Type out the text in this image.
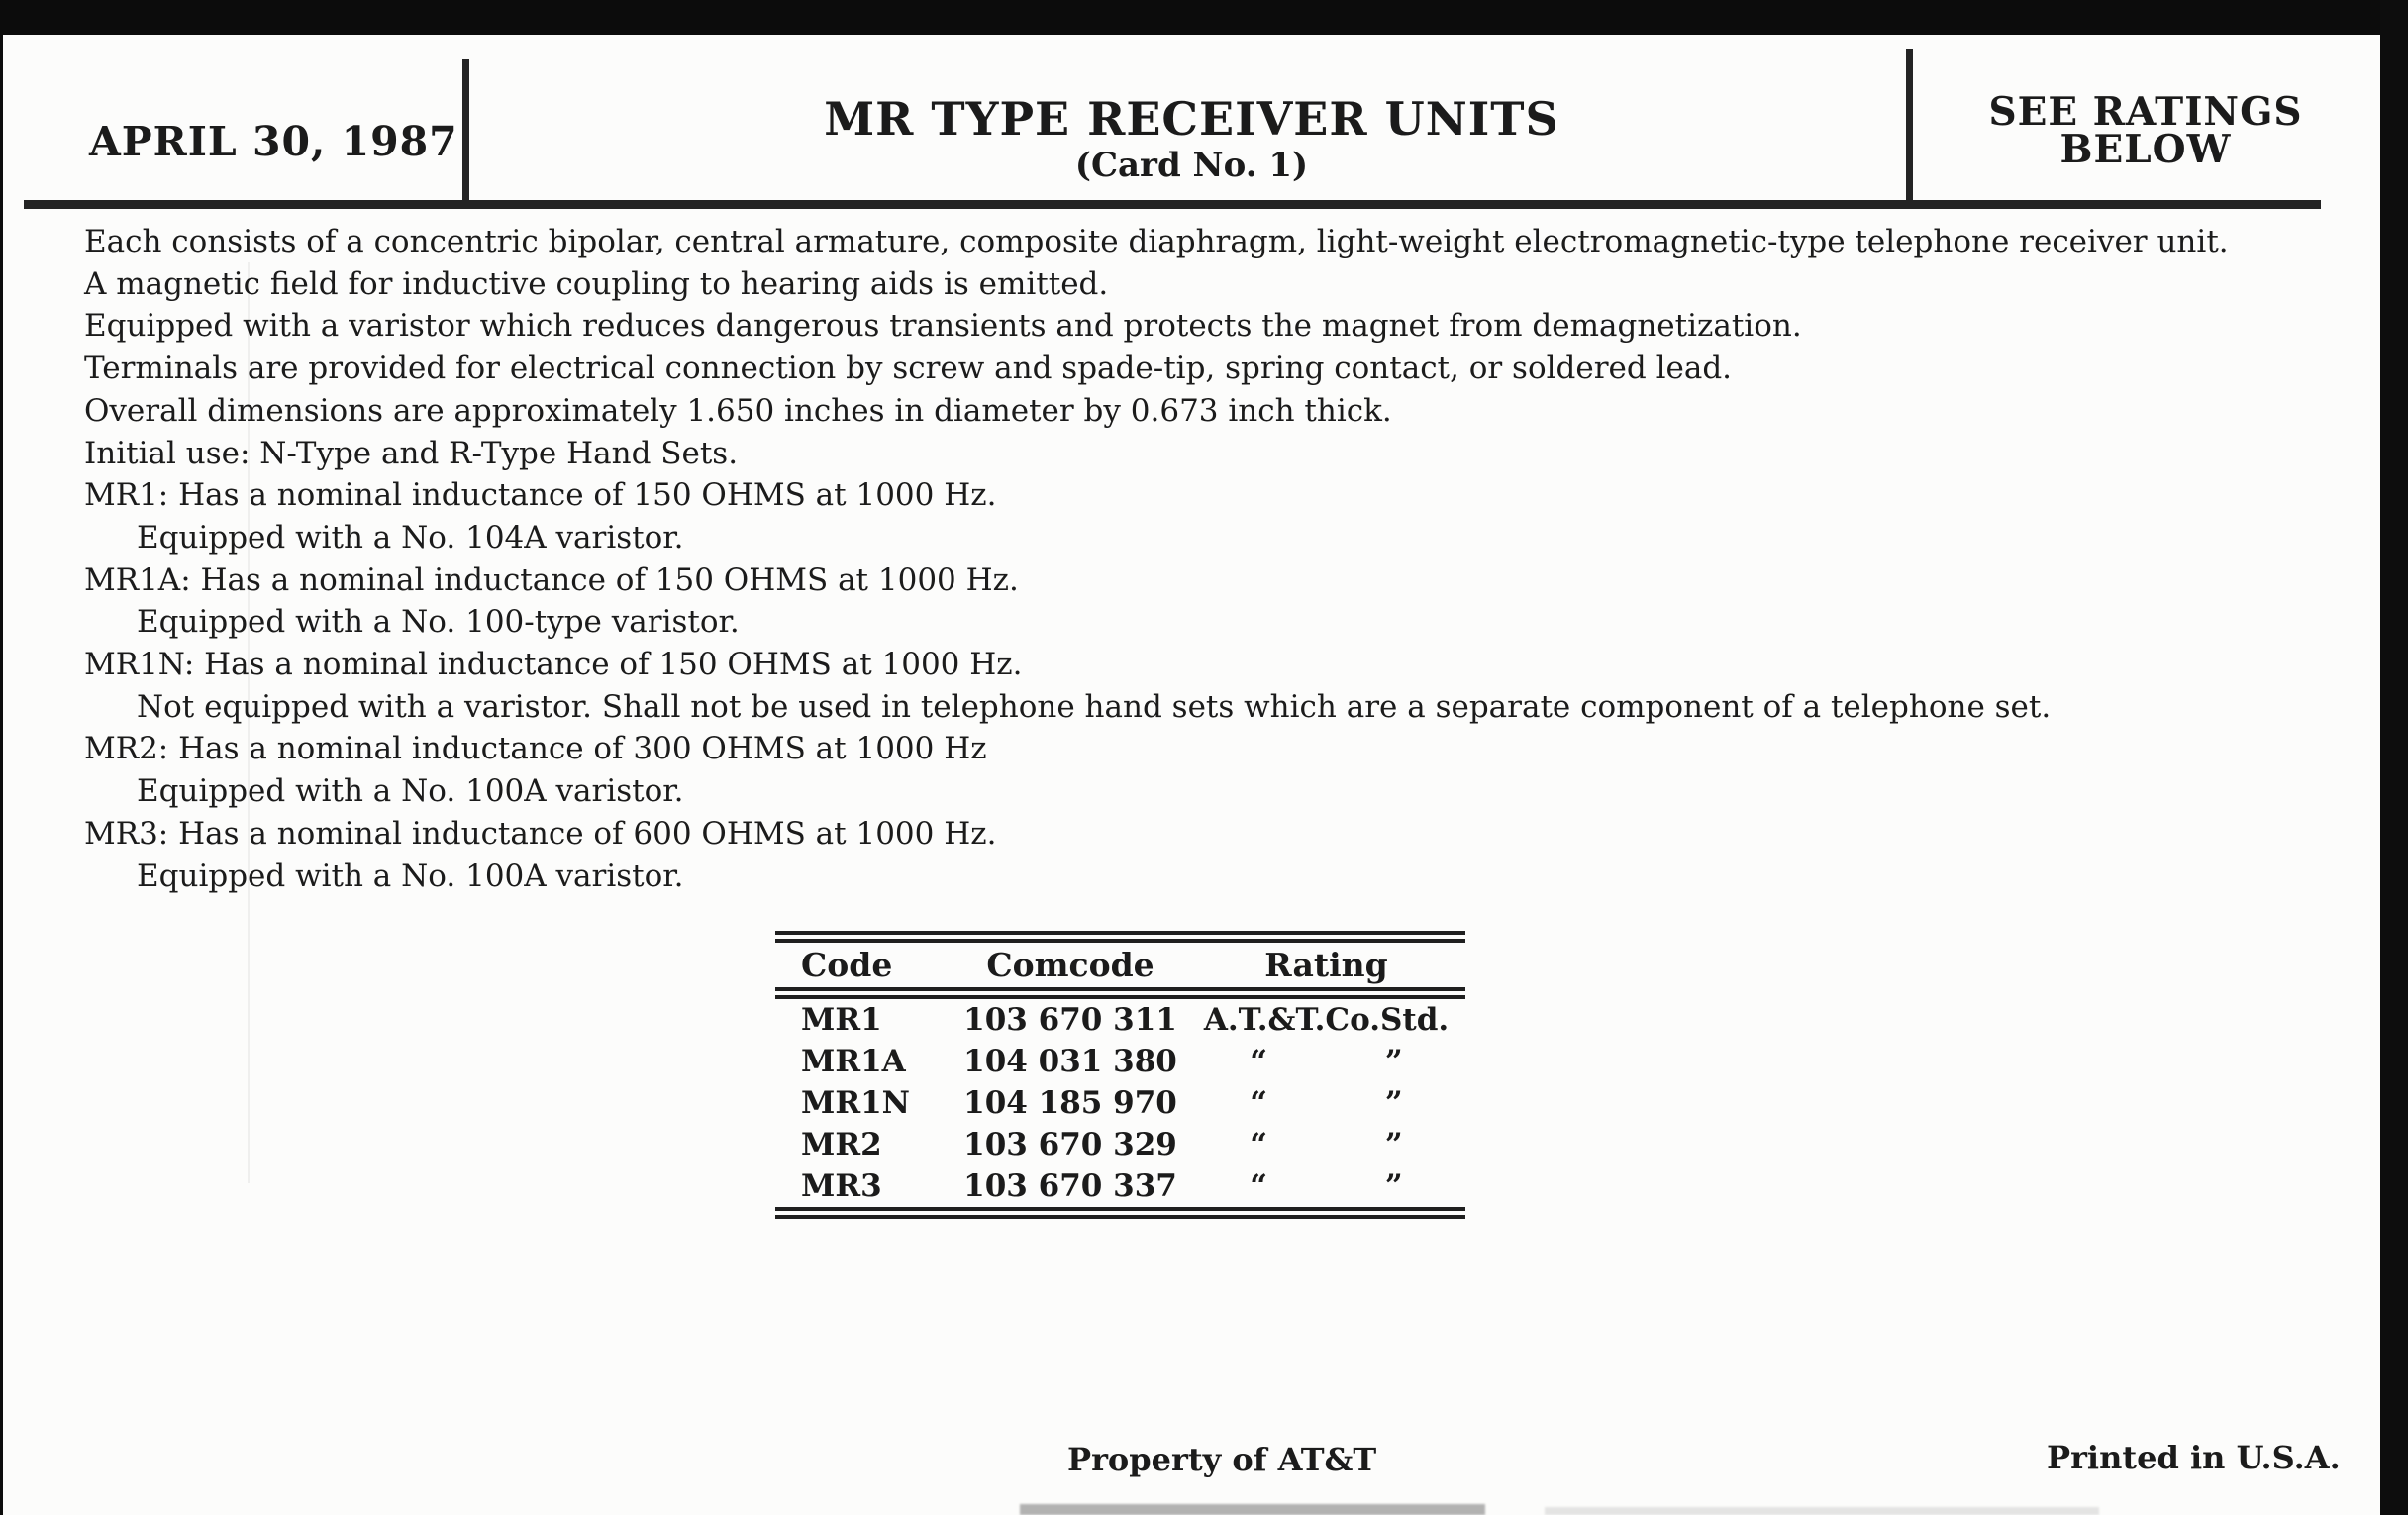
APRIL 30, 1987	MR TYPE RECEIVER UNITS
(Card No. 1)
SEE RATINGS
BELOW
Each consists of a concentric bipolar, central armature, composite diaphragm, light-weight electromagnetic-type telephone receiver unit.
A magnetic field for inductive coupling to hearing aids is emitted.
Equipped with a varistor which reduces dangerous transients and protects the magnet from demagnetization.
Terminals are provided for electrical connection by screw and spade-tip, spring contact, or soldered lead.
Overall dimensions are approximately 1.650 inches in diameter by 0.673 inch thick.
Initial use: N-Type and R-Type Hand Sets.
MR1: Has a nominal inductance of 150 OHMS at 1000 Hz.
Equipped with a No. 104A varistor.
MR1A: Has a nominal inductance of 150 OHMS at 1000 Hz.
Equipped with a No. 100-type varistor.
MR1N: Has a nominal inductance of 150 OHMS at 1000 Hz.
Not equipped with a varistor. Shall not be used in telephone hand sets which are a separate component of a telephone set.
MR2: Has a nominal inductance of 300 OHMS at 1000 Hz
Equipped with a No. 100A varistor.
MR3: Has a nominal inductance of 600 OHMS at 1000 Hz.
Equipped with a No. 100A varistor.
Code	Comcode	Rating
MR1	103 670 311 A.T.&T.Co.Std.
MR1A	104 031 380	“           ”
MR1N	104 185 970	“           ”
MR2	103 670 329	“           ”
MR3	103 670 337	“           ”
Property of AT&T	Printed in U.S.A.
